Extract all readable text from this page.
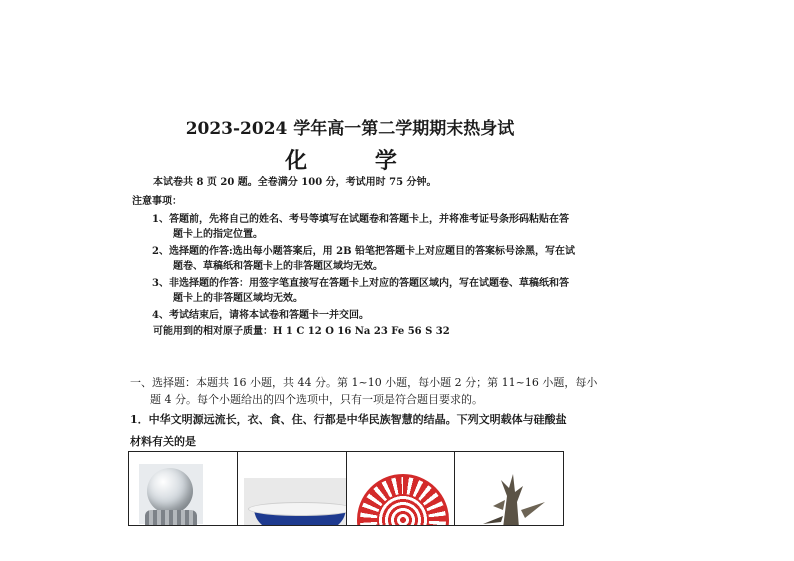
2023-2024 学年高一第二学期期末热身试
化 学
本试卷共 8 页 20 题。全卷满分 100 分，考试用时 75 分钟。
注意事项：
1、答题前，先将自己的姓名、考号等填写在试题卷和答题卡上，并将准考证号条形码粘贴在答
题卡上的指定位置。
2、选择题的作答:选出每小题答案后，用 2B 铅笔把答题卡上对应题目的答案标号涂黑，写在试
题卷、草稿纸和答题卡上的非答题区域均无效。
3、非选择题的作答：用签字笔直接写在答题卡上对应的答题区域内，写在试题卷、草稿纸和答
题卡上的非答题区域均无效。
4、考试结束后，请将本试卷和答题卡一并交回。
可能用到的相对原子质量：H 1 C 12 O 16 Na 23 Fe 56 S 32
一、选择题：本题共 16 小题，共 44 分。第 1~10 小题，每小题 2 分；第 11~16 小题，每小
题 4 分。每个小题给出的四个选项中，只有一项是符合题目要求的。
1．中华文明源远流长，衣、食、住、行都是中华民族智慧的结晶。下列文明载体与硅酸盐
材料有关的是
